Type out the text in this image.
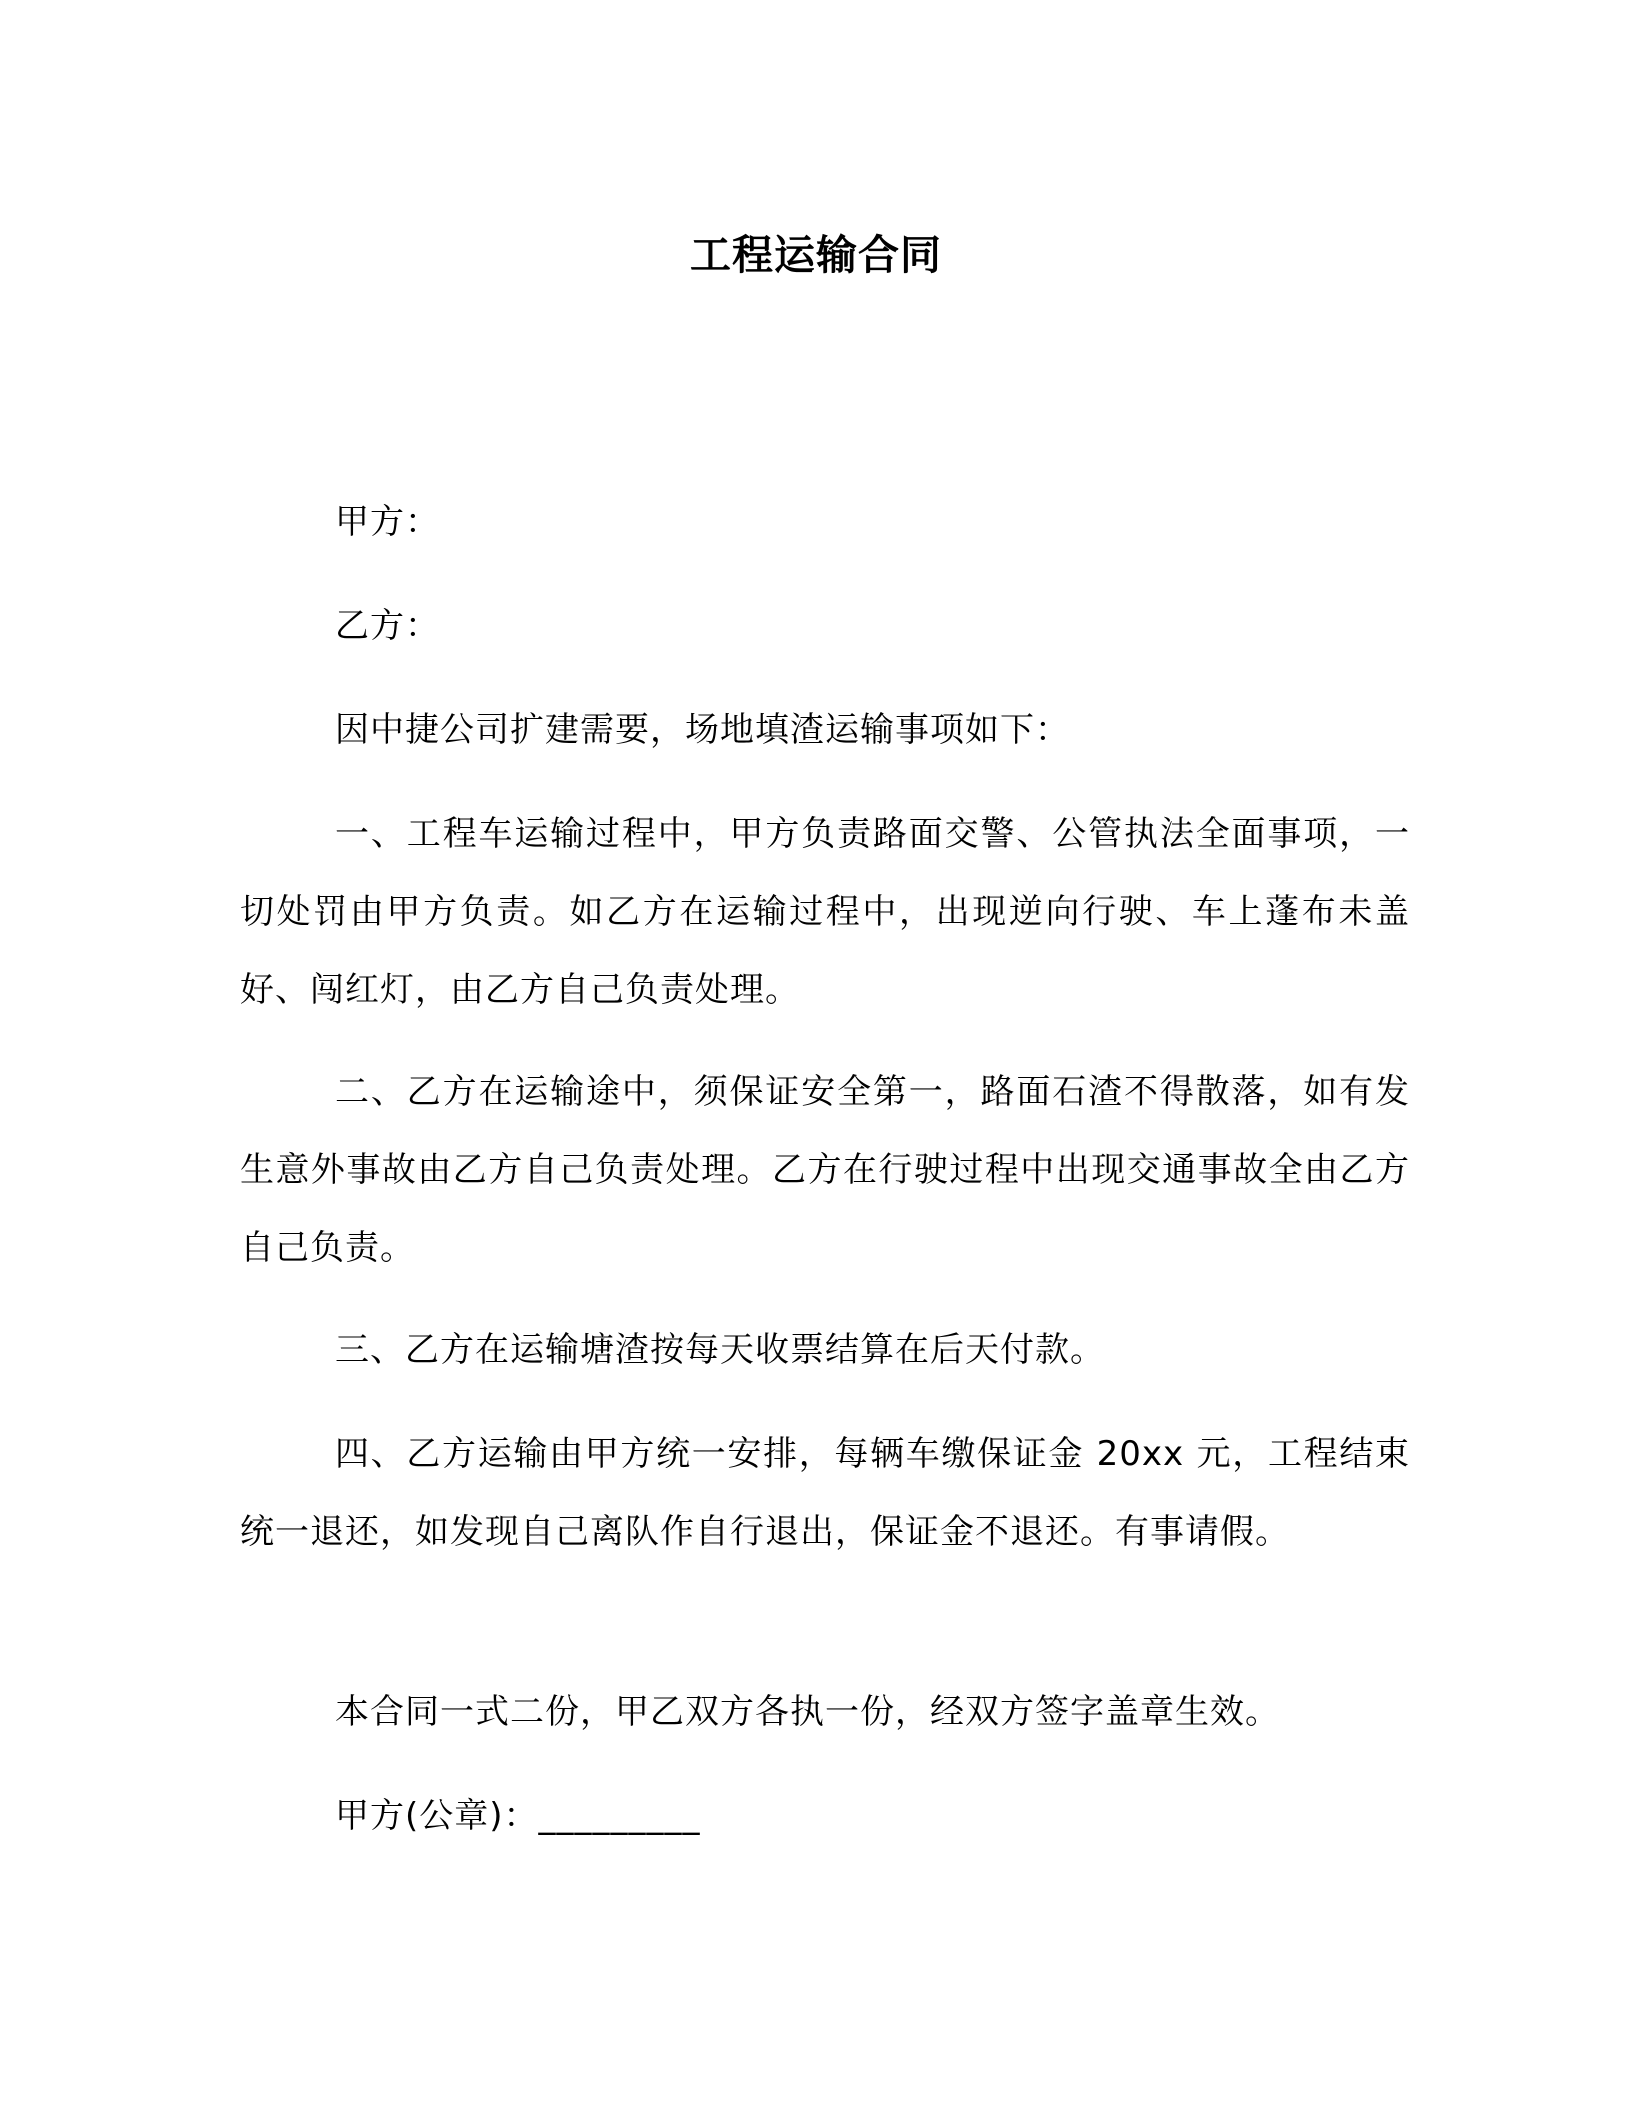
工程运输合同
甲方：
乙方：
因中捷公司扩建需要，场地填渣运输事项如下：
一、工程车运输过程中，甲方负责路面交警、公管执法全面事项，一切处罚由甲方负责。如乙方在运输过程中，出现逆向行驶、车上蓬布未盖好、闯红灯，由乙方自己负责处理。
二、乙方在运输途中，须保证安全第一，路面石渣不得散落，如有发生意外事故由乙方自己负责处理。乙方在行驶过程中出现交通事故全由乙方自己负责。
三、乙方在运输塘渣按每天收票结算在后天付款。
四、乙方运输由甲方统一安排，每辆车缴保证金 20xx 元，工程结束统一退还，如发现自己离队作自行退出，保证金不退还。有事请假。
本合同一式二份，甲乙双方各执一份，经双方签字盖章生效。
甲方(公章)：_________
